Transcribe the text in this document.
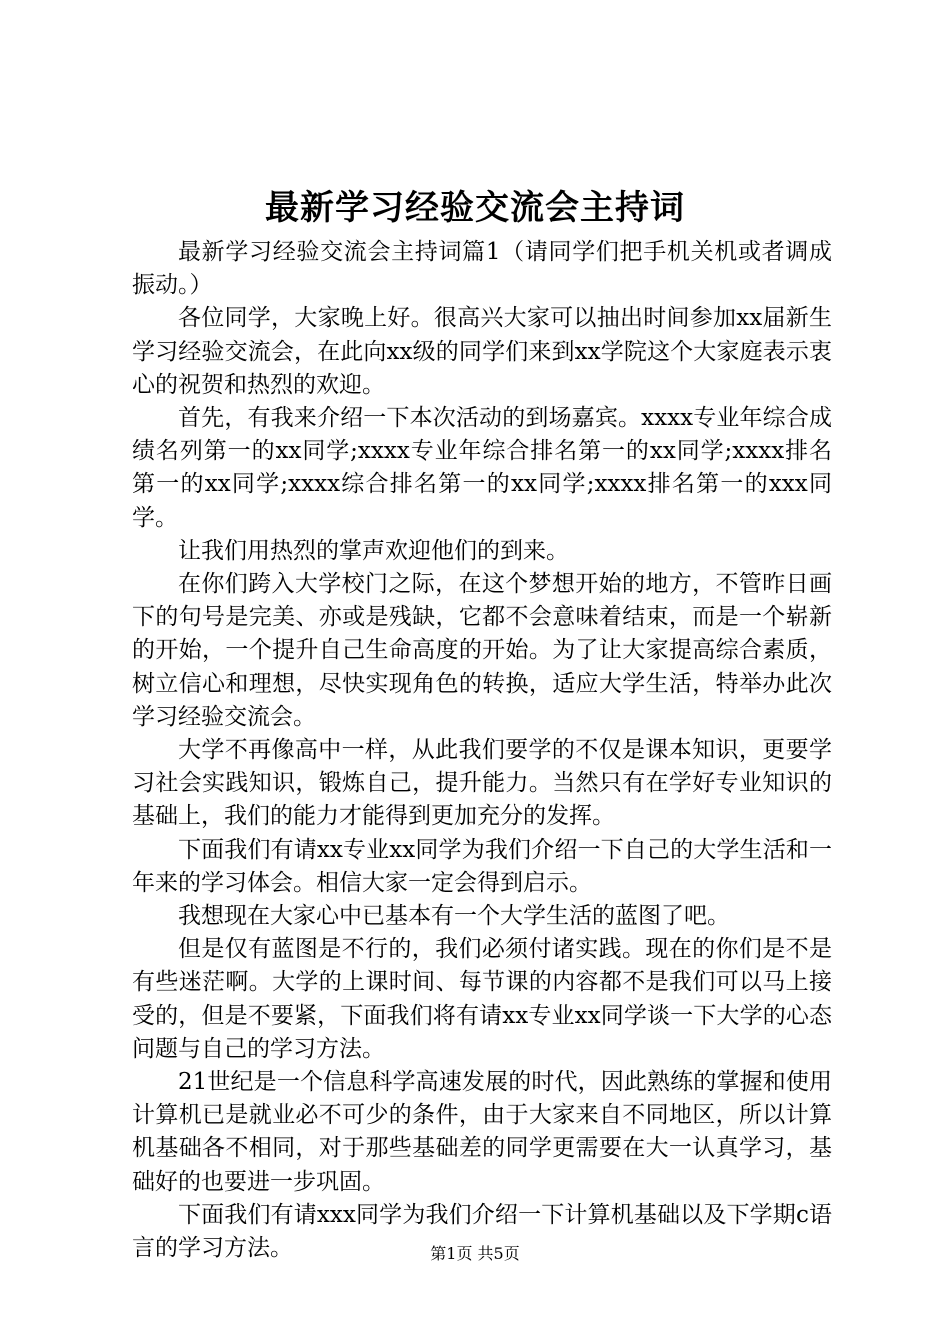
最新学习经验交流会主持词

最新学习经验交流会主持词篇1（请同学们把手机关机或者调成振动。）

各位同学，大家晚上好。很高兴大家可以抽出时间参加xx届新生学习经验交流会，在此向xx级的同学们来到xx学院这个大家庭表示衷心的祝贺和热烈的欢迎。

首先，有我来介绍一下本次活动的到场嘉宾。xxxx专业年综合成绩名列第一的xx同学;xxxx专业年综合排名第一的xx同学;xxxx排名第一的xx同学;xxxx综合排名第一的xx同学;xxxx排名第一的xxx同学。

让我们用热烈的掌声欢迎他们的到来。

在你们跨入大学校门之际，在这个梦想开始的地方，不管昨日画下的句号是完美、亦或是残缺，它都不会意味着结束，而是一个崭新的开始，一个提升自己生命高度的开始。为了让大家提高综合素质，树立信心和理想，尽快实现角色的转换，适应大学生活，特举办此次学习经验交流会。

大学不再像高中一样，从此我们要学的不仅是课本知识，更要学习社会实践知识，锻炼自己，提升能力。当然只有在学好专业知识的基础上，我们的能力才能得到更加充分的发挥。

下面我们有请xx专业xx同学为我们介绍一下自己的大学生活和一年来的学习体会。相信大家一定会得到启示。

我想现在大家心中已基本有一个大学生活的蓝图了吧。

但是仅有蓝图是不行的，我们必须付诸实践。现在的你们是不是有些迷茫啊。大学的上课时间、每节课的内容都不是我们可以马上接受的，但是不要紧，下面我们将有请xx专业xx同学谈一下大学的心态问题与自己的学习方法。

21世纪是一个信息科学高速发展的时代，因此熟练的掌握和使用计算机已是就业必不可少的条件，由于大家来自不同地区，所以计算机基础各不相同，对于那些基础差的同学更需要在大一认真学习，基础好的也要进一步巩固。

下面我们有请xxx同学为我们介绍一下计算机基础以及下学期c语言的学习方法。	第1页 共5页
